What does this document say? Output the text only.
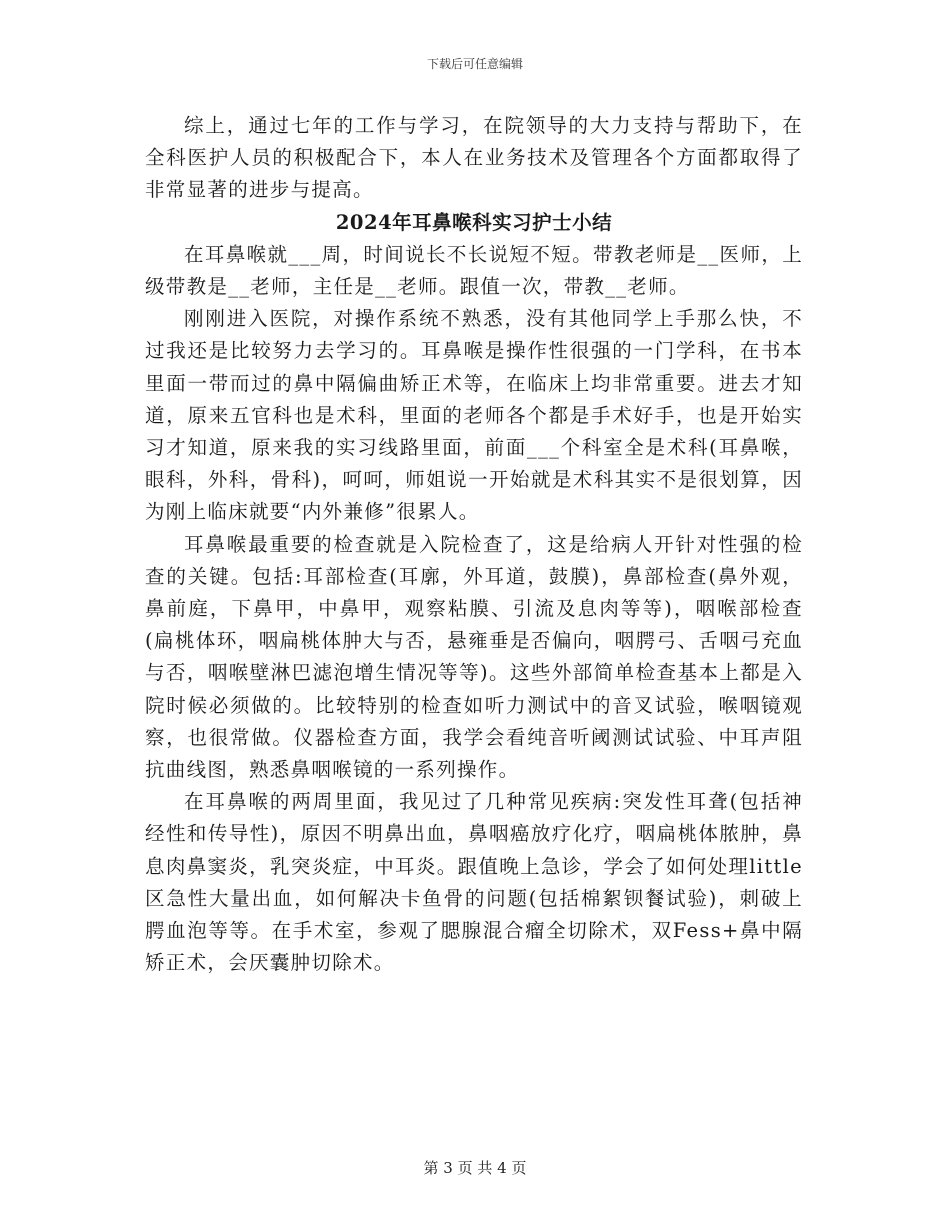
下载后可任意编辑

综上，通过七年的工作与学习，在院领导的大力支持与帮助下，在全科医护人员的积极配合下，本人在业务技术及管理各个方面都取得了非常显著的进步与提高。

2024年耳鼻喉科实习护士小结

在耳鼻喉就___周，时间说长不长说短不短。带教老师是__医师，上级带教是__老师，主任是__老师。跟值一次，带教__老师。

刚刚进入医院，对操作系统不熟悉，没有其他同学上手那么快，不过我还是比较努力去学习的。耳鼻喉是操作性很强的一门学科，在书本里面一带而过的鼻中隔偏曲矫正术等，在临床上均非常重要。进去才知道，原来五官科也是术科，里面的老师各个都是手术好手，也是开始实习才知道，原来我的实习线路里面，前面___个科室全是术科(耳鼻喉，眼科，外科，骨科)，呵呵，师姐说一开始就是术科其实不是很划算，因为刚上临床就要“内外兼修”很累人。

耳鼻喉最重要的检查就是入院检查了，这是给病人开针对性强的检查的关键。包括:耳部检查(耳廓，外耳道，鼓膜)，鼻部检查(鼻外观，鼻前庭，下鼻甲，中鼻甲，观察粘膜、引流及息肉等等)，咽喉部检查(扁桃体环，咽扁桃体肿大与否，悬雍垂是否偏向，咽腭弓、舌咽弓充血与否，咽喉壁淋巴滤泡增生情况等等)。这些外部简单检查基本上都是入院时候必须做的。比较特别的检查如听力测试中的音叉试验，喉咽镜观察，也很常做。仪器检查方面，我学会看纯音听阈测试试验、中耳声阻抗曲线图，熟悉鼻咽喉镜的一系列操作。

在耳鼻喉的两周里面，我见过了几种常见疾病:突发性耳聋(包括神经性和传导性)，原因不明鼻出血，鼻咽癌放疗化疗，咽扁桃体脓肿，鼻息肉鼻窦炎，乳突炎症，中耳炎。跟值晚上急诊，学会了如何处理little区急性大量出血，如何解决卡鱼骨的问题(包括棉絮钡餐试验)，刺破上腭血泡等等。在手术室，参观了腮腺混合瘤全切除术，双Fess+鼻中隔矫正术，会厌囊肿切除术。

第 3 页 共 4 页
